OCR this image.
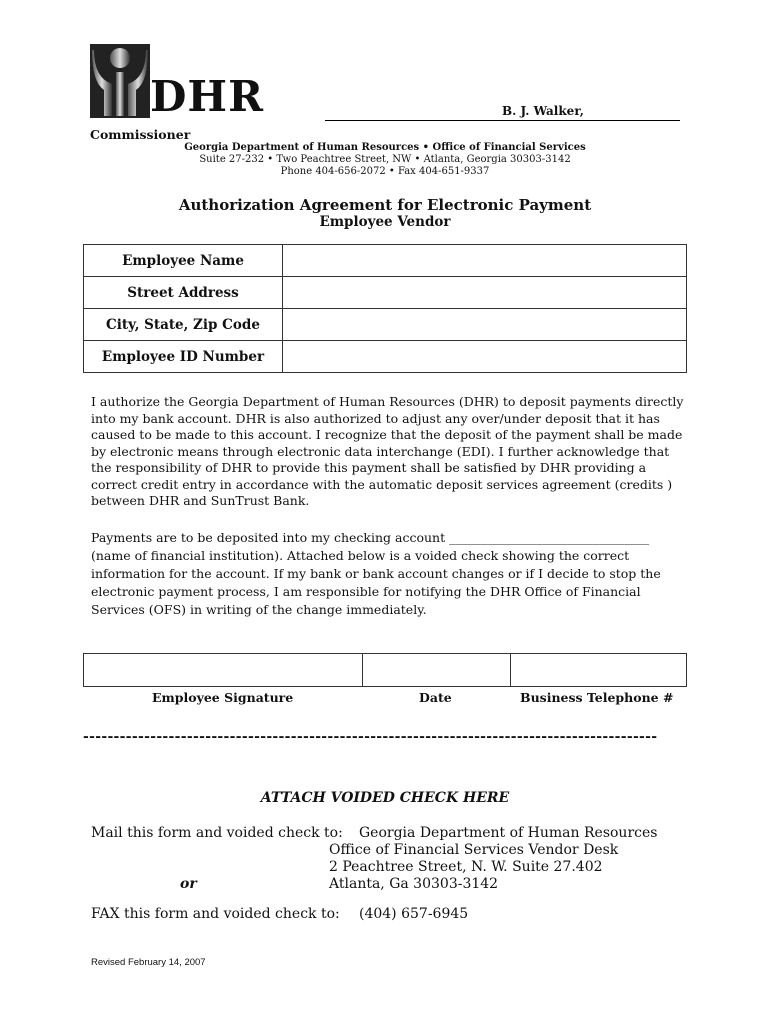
DHR	B. J. Walker,
Commissioner
Georgia Department of Human Resources • Office of Financial Services
Suite 27-232 • Two Peachtree Street, NW • Atlanta, Georgia 30303-3142
Phone 404-656-2072 • Fax 404-651-9337
Authorization Agreement for Electronic Payment
Employee Vendor
Employee Name	
Street Address	
City, State, Zip Code	
Employee ID Number	
I authorize the Georgia Department of Human Resources (DHR) to deposit payments directly into my bank account. DHR is also authorized to adjust any over/under deposit that it has caused to be made to this account. I recognize that the deposit of the payment shall be made by electronic means through electronic data interchange (EDI). I further acknowledge that the responsibility of DHR to provide this payment shall be satisfied by DHR providing a correct credit entry in accordance with the automatic deposit services agreement (credits ) between DHR and SunTrust Bank.
Payments are to be deposited into my checking account ________________________________ (name of financial institution). Attached below is a voided check showing the correct information for the account. If my bank or bank account changes or if I decide to stop the electronic payment process, I am responsible for notifying the DHR Office of Financial Services (OFS) in writing of the change immediately.

Employee Signature	Date	Business Telephone #
----------------------------------------------------------------------------------------------
ATTACH VOIDED CHECK HERE
Mail this form and voided check to: Georgia Department of Human Resources
Office of Financial Services Vendor Desk
2 Peachtree Street, N. W. Suite 27.402
Atlanta, Ga 30303-3142
or
FAX this form and voided check to: (404) 657-6945
Revised February 14, 2007
